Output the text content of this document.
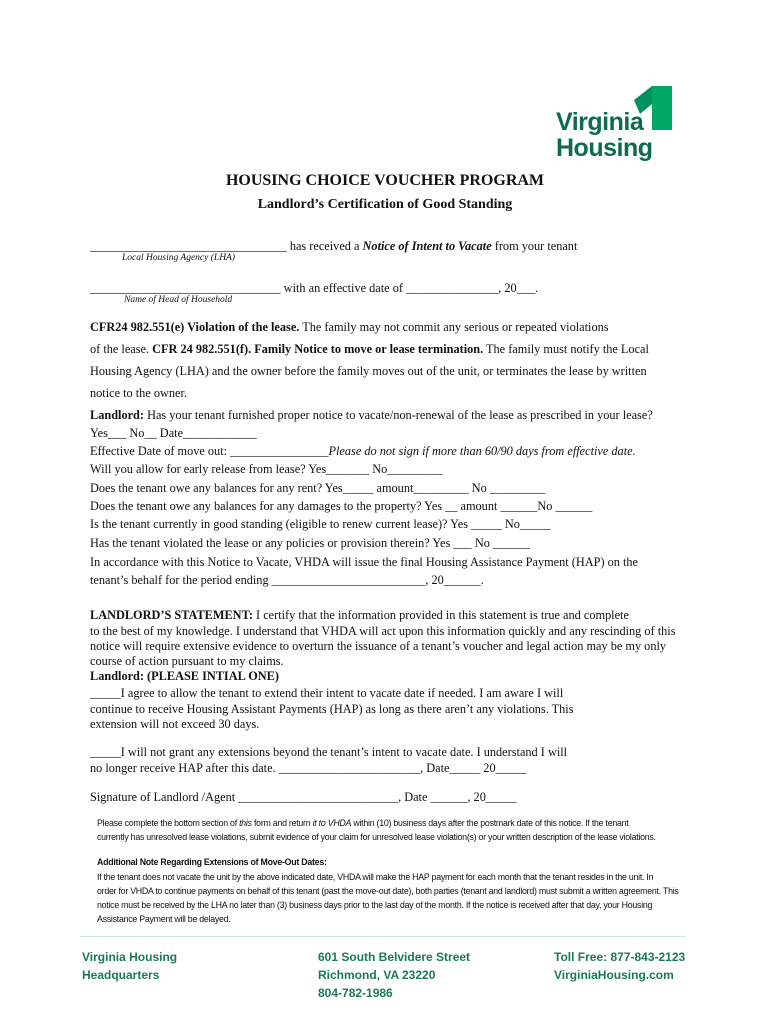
Virginia
Housing
HOUSING CHOICE VOUCHER PROGRAM
Landlord’s Certification of Good Standing
________________________________ has received a Notice of Intent to Vacate from your tenant
Local Housing Agency (LHA)
_______________________________ with an effective date of _______________, 20___.
Name of Head of Household
CFR24 982.551(e) Violation of the lease. The family may not commit any serious or repeated violations
of the lease. CFR 24 982.551(f). Family Notice to move or lease termination. The family must notify the Local
Housing Agency (LHA) and the owner before the family moves out of the unit, or terminates the lease by written
notice to the owner.
Landlord: Has your tenant furnished proper notice to vacate/non-renewal of the lease as prescribed in your lease?
Yes___ No__ Date____________
Effective Date of move out: ________________Please do not sign if more than 60/90 days from effective date.
Will you allow for early release from lease? Yes_______ No_________
Does the tenant owe any balances for any rent? Yes_____ amount_________ No _________
Does the tenant owe any balances for any damages to the property? Yes __ amount ______No ______
Is the tenant currently in good standing (eligible to renew current lease)? Yes _____ No_____
Has the tenant violated the lease or any policies or provision therein? Yes ___ No ______
In accordance with this Notice to Vacate, VHDA will issue the final Housing Assistance Payment (HAP) on the
tenant’s behalf for the period ending _________________________, 20______.
LANDLORD’S STATEMENT: I certify that the information provided in this statement is true and complete
to the best of my knowledge. I understand that VHDA will act upon this information quickly and any rescinding of this
notice will require extensive evidence to overturn the issuance of a tenant’s voucher and legal action may be my only
course of action pursuant to my claims.
Landlord: (PLEASE INTIAL ONE)
_____I agree to allow the tenant to extend their intent to vacate date if needed. I am aware I will
continue to receive Housing Assistant Payments (HAP) as long as there aren’t any violations. This
extension will not exceed 30 days.
_____I will not grant any extensions beyond the tenant’s intent to vacate date. I understand I will
no longer receive HAP after this date. _______________________, Date_____ 20_____
Signature of Landlord /Agent __________________________, Date ______, 20_____
Please complete the bottom section of this form and return it to VHDA within (10) business days after the postmark date of this notice. If the tenant
currently has unresolved lease violations, submit evidence of your claim for unresolved lease violation(s) or your written description of the lease violations.
Additional Note Regarding Extensions of Move-Out Dates:
If the tenant does not vacate the unit by the above indicated date, VHDA will make the HAP payment for each month that the tenant resides in the unit. In
order for VHDA to continue payments on behalf of this tenant (past the move-out date), both parties (tenant and landlord) must submit a written agreement. This
notice must be received by the LHA no later than (3) business days prior to the last day of the month. If the notice is received after that day, your Housing
Assistance Payment will be delayed.
Virginia Housing
Headquarters
601 South Belvidere Street
Richmond, VA 23220
804-782-1986
Toll Free: 877-843-2123
VirginiaHousing.com
